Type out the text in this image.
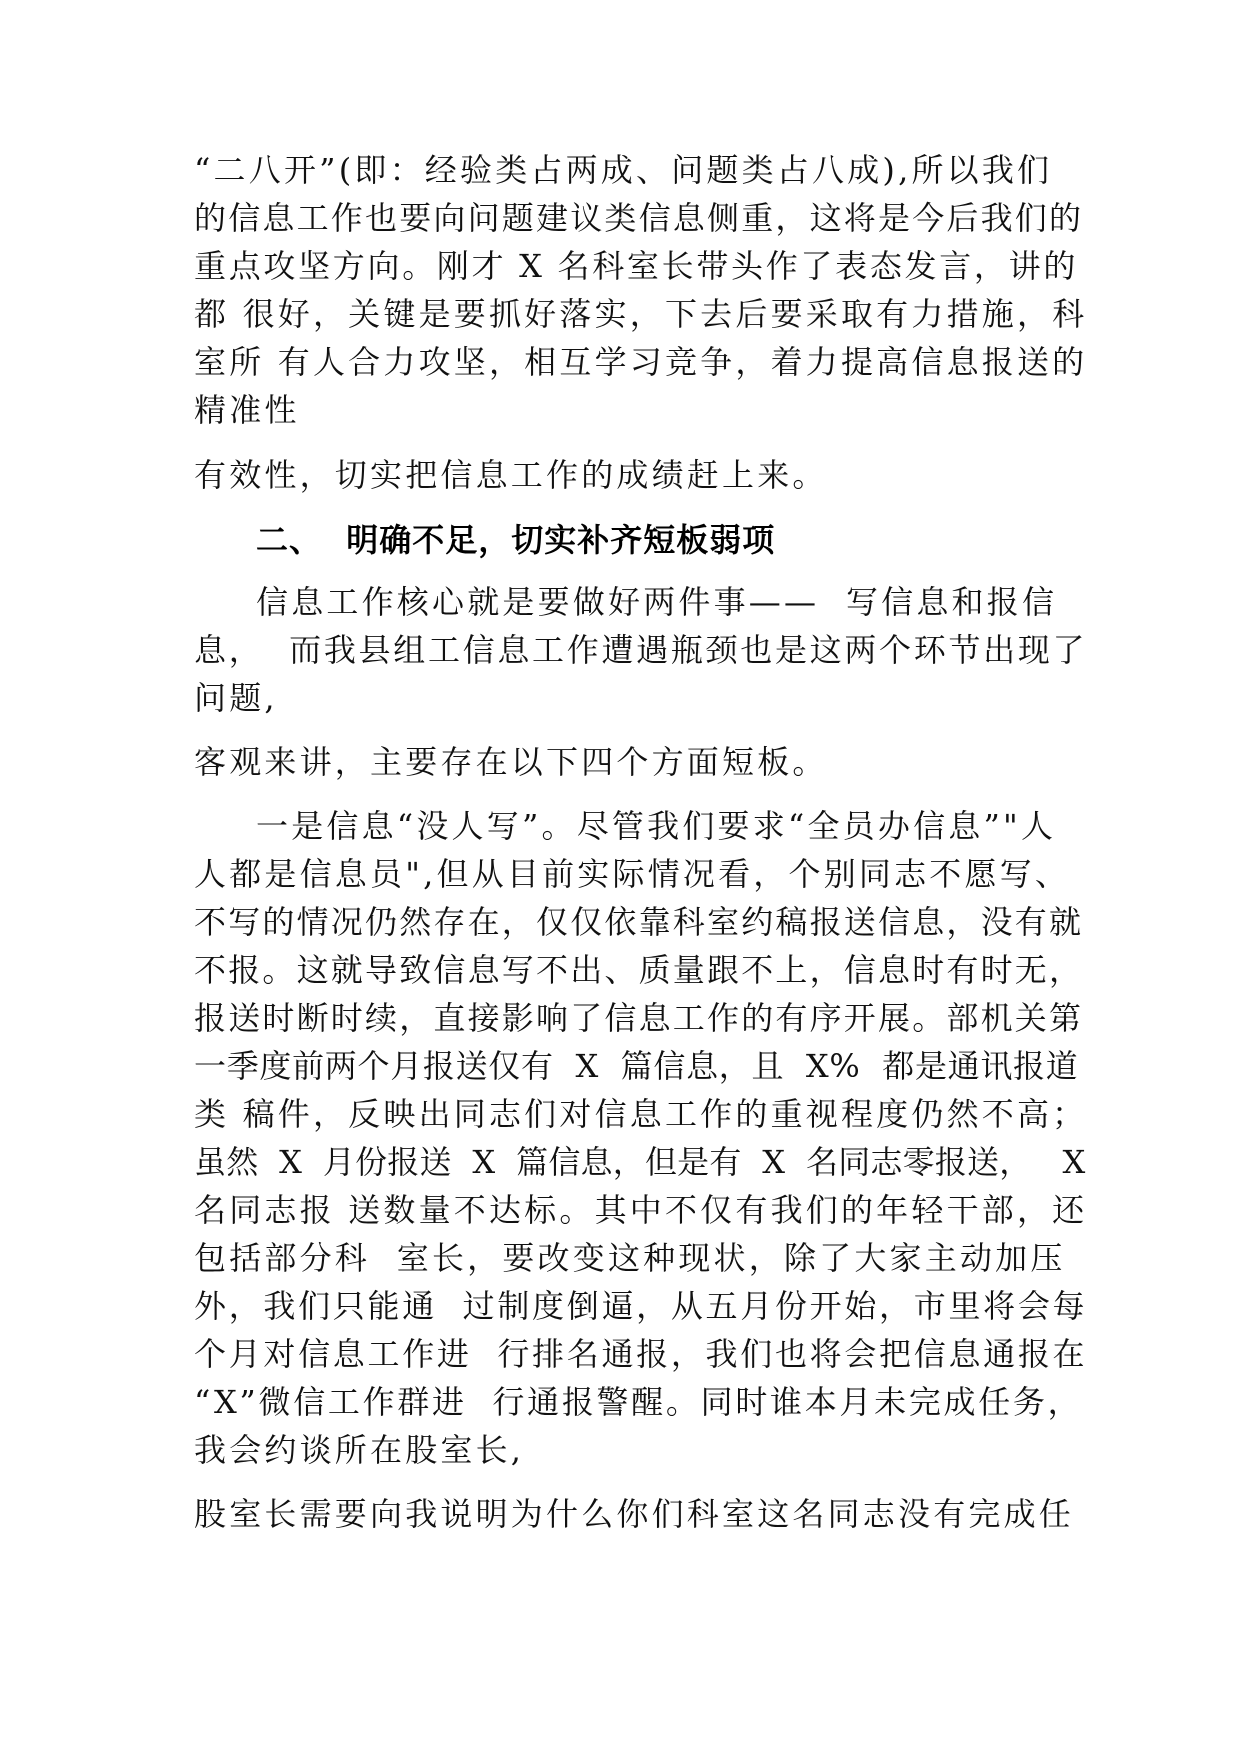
“二八开”(即：经验类占两成、问题类占八成),所以我们
的信息工作也要向问题建议类信息侧重，这将是今后我们的
重点攻坚方向。刚才 X 名科室长带头作了表态发言，讲的
都 很好，关键是要抓好落实，下去后要采取有力措施，科
室所 有人合力攻坚，相互学习竞争，着力提高信息报送的
精准性
有效性，切实把信息工作的成绩赶上来。
二、  明确不足，切实补齐短板弱项
信息工作核心就是要做好两件事——  写信息和报信
息，  而我县组工信息工作遭遇瓶颈也是这两个环节出现了
问题,
客观来讲，主要存在以下四个方面短板。
一是信息“没人写”。尽管我们要求“全员办信息”"人
人都是信息员",但从目前实际情况看，个别同志不愿写、
不写的情况仍然存在，仅仅依靠科室约稿报送信息，没有就
不报。这就导致信息写不出、质量跟不上，信息时有时无，
报送时断时续，直接影响了信息工作的有序开展。部机关第
一季度前两个月报送仅有  X  篇信息，且  X%  都是通讯报道
类 稿件，反映出同志们对信息工作的重视程度仍然不高；
虽然  X  月份报送  X  篇信息，但是有  X  名同志零报送，   X
名同志报 送数量不达标。其中不仅有我们的年轻干部，还
包括部分科  室长，要改变这种现状，除了大家主动加压
外，我们只能通  过制度倒逼，从五月份开始，市里将会每
个月对信息工作进  行排名通报，我们也将会把信息通报在
“X”微信工作群进  行通报警醒。同时谁本月未完成任务，
我会约谈所在股室长,
股室长需要向我说明为什么你们科室这名同志没有完成任
